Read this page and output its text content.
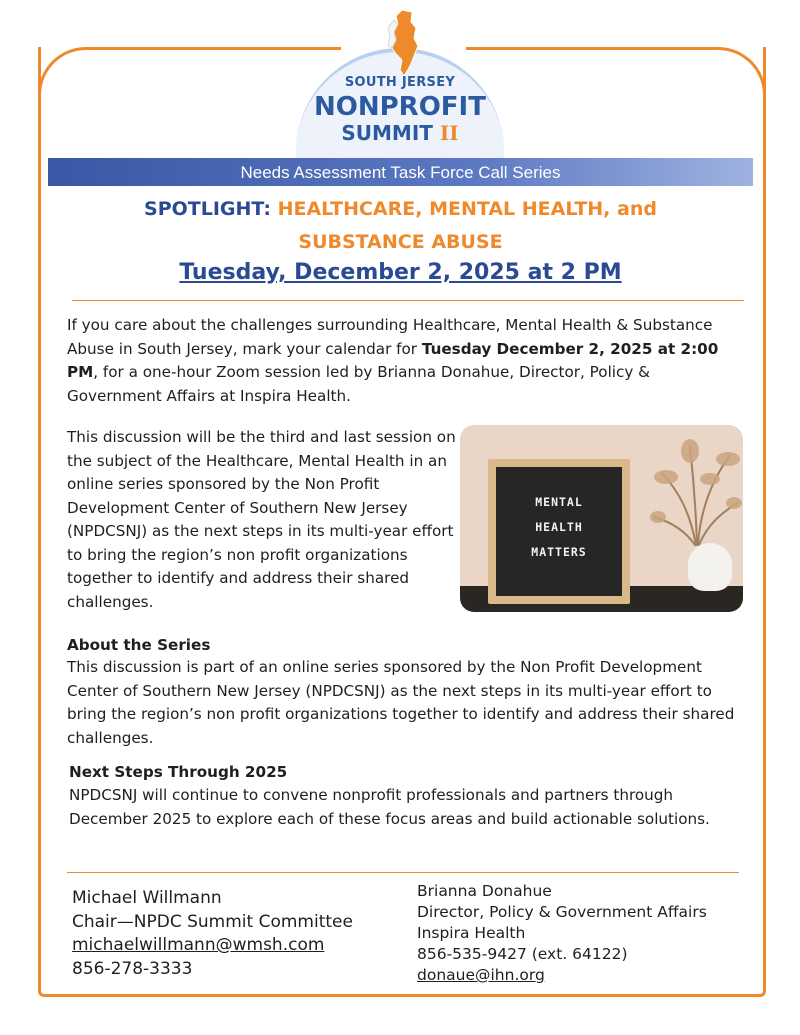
SOUTH JERSEY
NONPROFIT
SUMMIT II
Needs Assessment Task Force Call Series
SPOTLIGHT: HEALTHCARE, MENTAL HEALTH, and
SUBSTANCE ABUSE
Tuesday, December 2, 2025 at 2 PM

If you care about the challenges surrounding Healthcare, Mental Health & Substance Abuse in South Jersey, mark your calendar for Tuesday December 2, 2025 at 2:00 PM, for a one-hour Zoom session led by Brianna Donahue, Director, Policy & Government Affairs at Inspira Health.

This discussion will be the third and last session on the subject of the Healthcare, Mental Health in an online series sponsored by the Non Profit Development Center of Southern New Jersey (NPDCSNJ) as the next steps in its multi-year effort to bring the region’s non profit organizations together to identify and address their shared challenges.

MENTAL
HEALTH
MATTERS

About the Series

This discussion is part of an online series sponsored by the Non Profit Development Center of Southern New Jersey (NPDCSNJ) as the next steps in its multi-year effort to bring the region’s non profit organizations together to identify and address their shared challenges.

Next Steps Through 2025

NPDCSNJ will continue to convene nonprofit professionals and partners through December 2025 to explore each of these focus areas and build actionable solutions.

Michael Willmann
Chair—NPDC Summit Committee
michaelwillmann@wmsh.com
856-278-3333
Brianna Donahue
Director, Policy & Government Affairs
Inspira Health
856-535-9427 (ext. 64122)
donaue@ihn.org
